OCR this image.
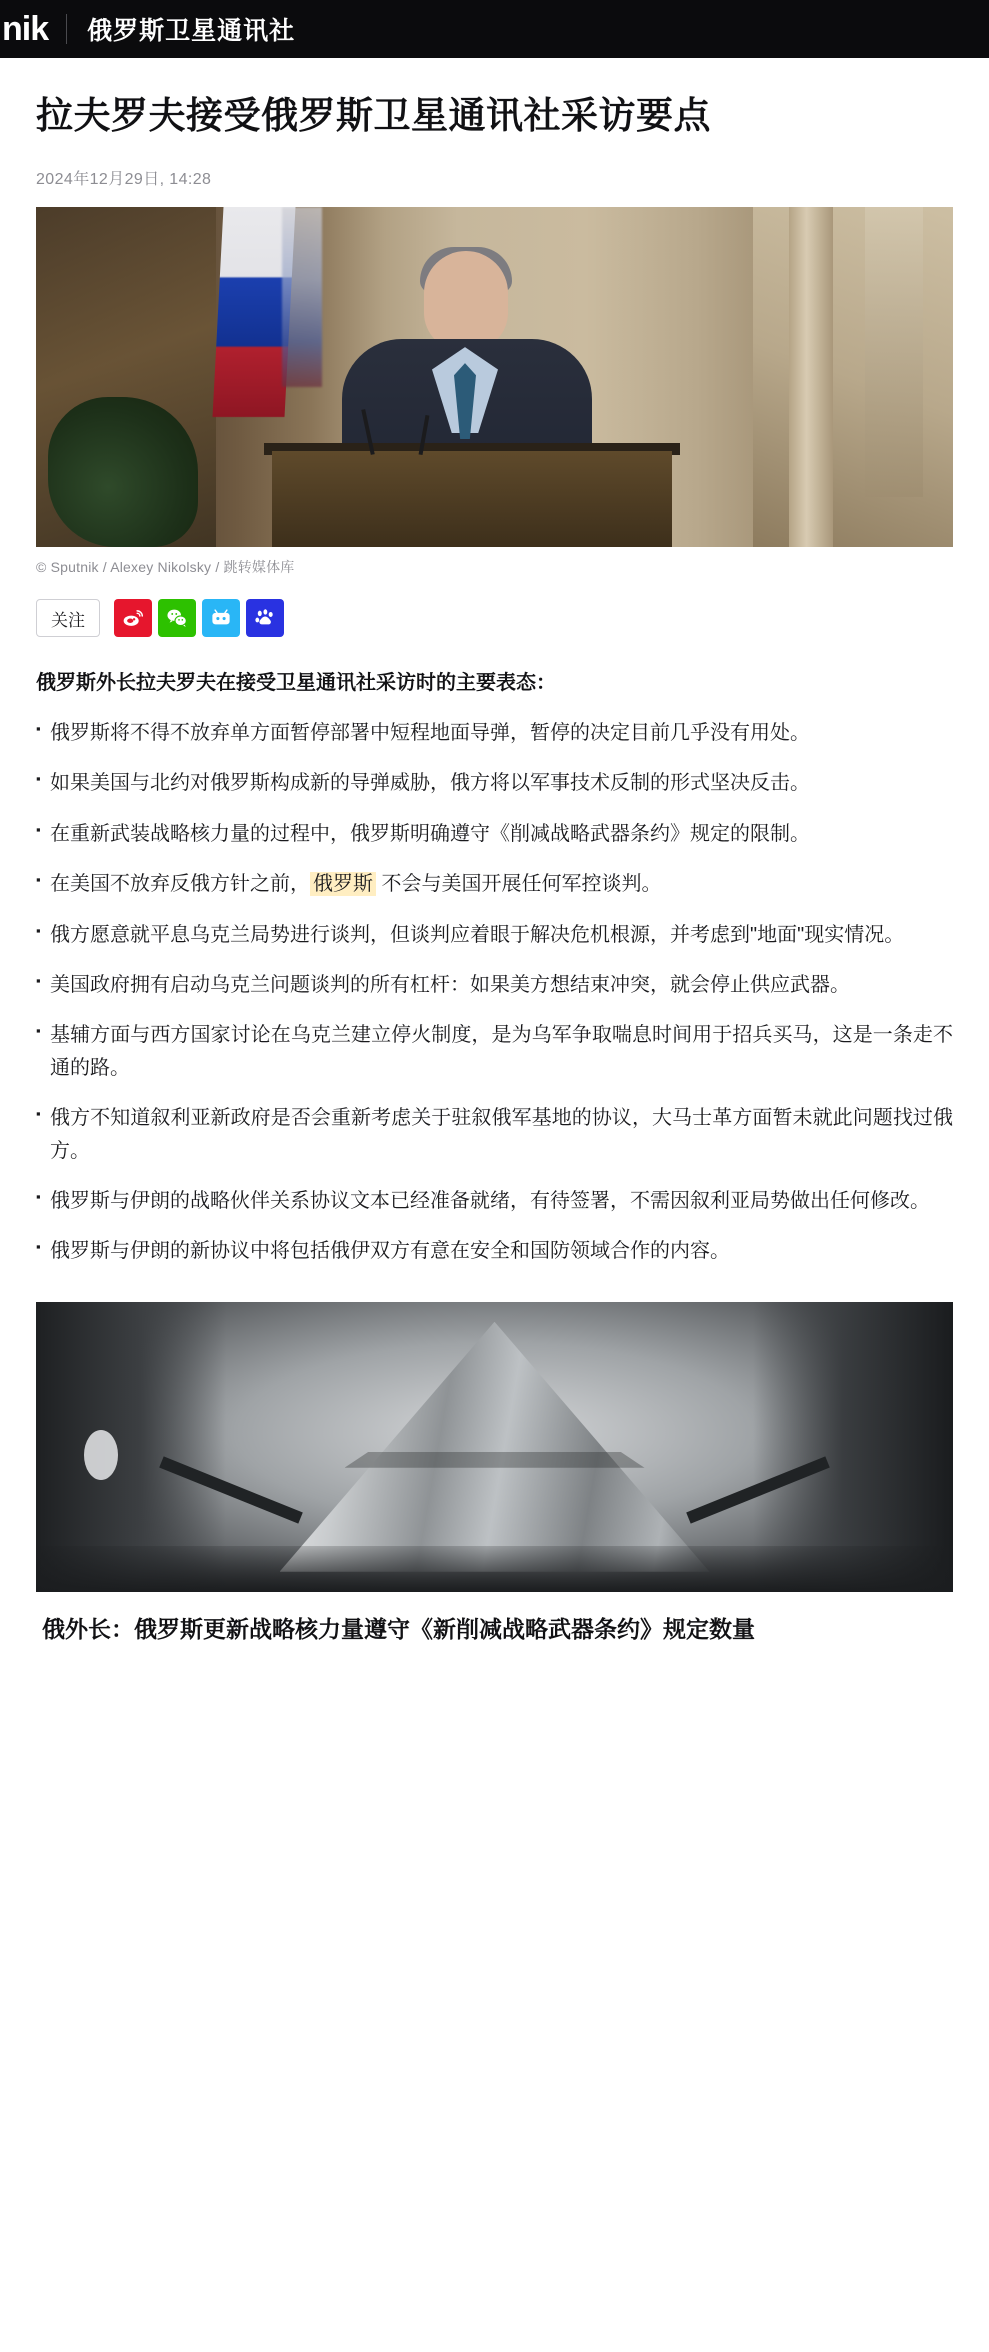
nik 俄罗斯卫星通讯社
拉夫罗夫接受俄罗斯卫星通讯社采访要点
2024年12月29日, 14:28
© Sputnik / Alexey Nikolsky / 跳转媒体库
关注
俄罗斯外长拉夫罗夫在接受卫星通讯社采访时的主要表态：
▪ 俄罗斯将不得不放弃单方面暂停部署中短程地面导弹，暂停的决定目前几乎没有用处。
▪ 如果美国与北约对俄罗斯构成新的导弹威胁，俄方将以军事技术反制的形式坚决反击。
▪ 在重新武装战略核力量的过程中，俄罗斯明确遵守《削减战略武器条约》规定的限制。
▪ 在美国不放弃反俄方针之前， 俄罗斯 不会与美国开展任何军控谈判。
▪ 俄方愿意就平息乌克兰局势进行谈判，但谈判应着眼于解决危机根源，并考虑到"地面"现实情况。
▪ 美国政府拥有启动乌克兰问题谈判的所有杠杆：如果美方想结束冲突，就会停止供应武器。
▪ 基辅方面与西方国家讨论在乌克兰建立停火制度，是为乌军争取喘息时间用于招兵买马，这是一条走不通的路。
▪ 俄方不知道叙利亚新政府是否会重新考虑关于驻叙俄军基地的协议，大马士革方面暂未就此问题找过俄方。
▪ 俄罗斯与伊朗的战略伙伴关系协议文本已经准备就绪，有待签署，不需因叙利亚局势做出任何修改。
▪ 俄罗斯与伊朗的新协议中将包括俄伊双方有意在安全和国防领域合作的内容。
俄外长：俄罗斯更新战略核力量遵守《新削减战略武器条约》规定数量
